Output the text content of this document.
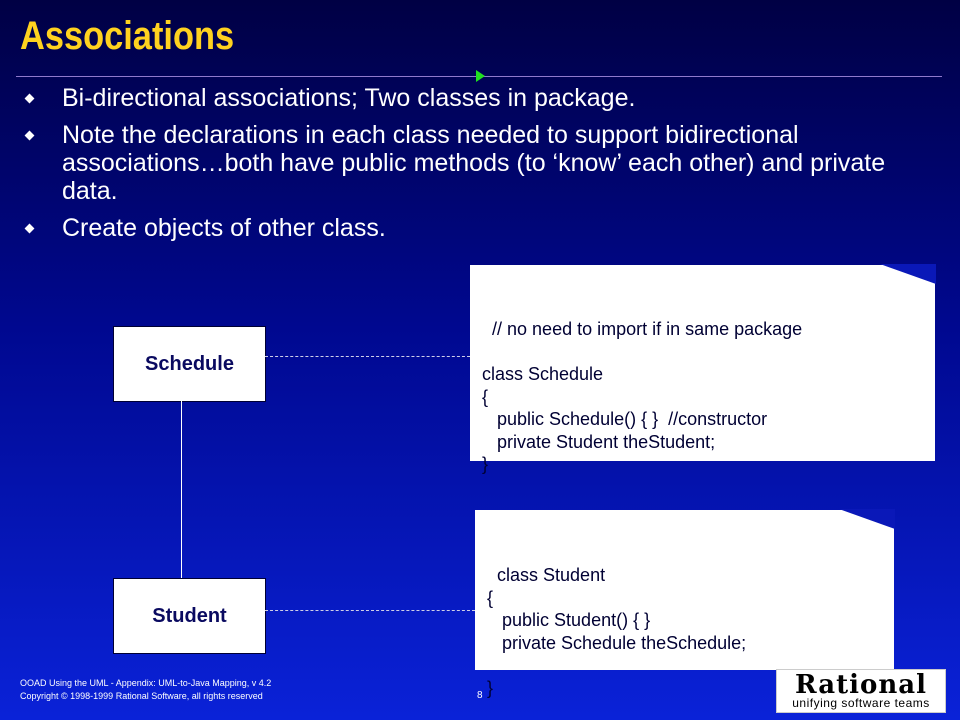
Associations
Bi-directional associations; Two classes in package.
Note the declarations in each class needed to support bidirectional associations…both have public methods (to ‘know’ each other) and private data.
Create objects of other class.
Schedule
Student

// no need to import if in same package

class Schedule
{
public Schedule() { }  //constructor
private Student theStudent;
}

class Student
{
public Student() { }
private Schedule theSchedule;

}

OOAD Using the UML - Appendix: UML-to-Java Mapping, v 4.2
Copyright © 1998-1999 Rational Software, all rights reserved	8	Rational
unifying software teams
